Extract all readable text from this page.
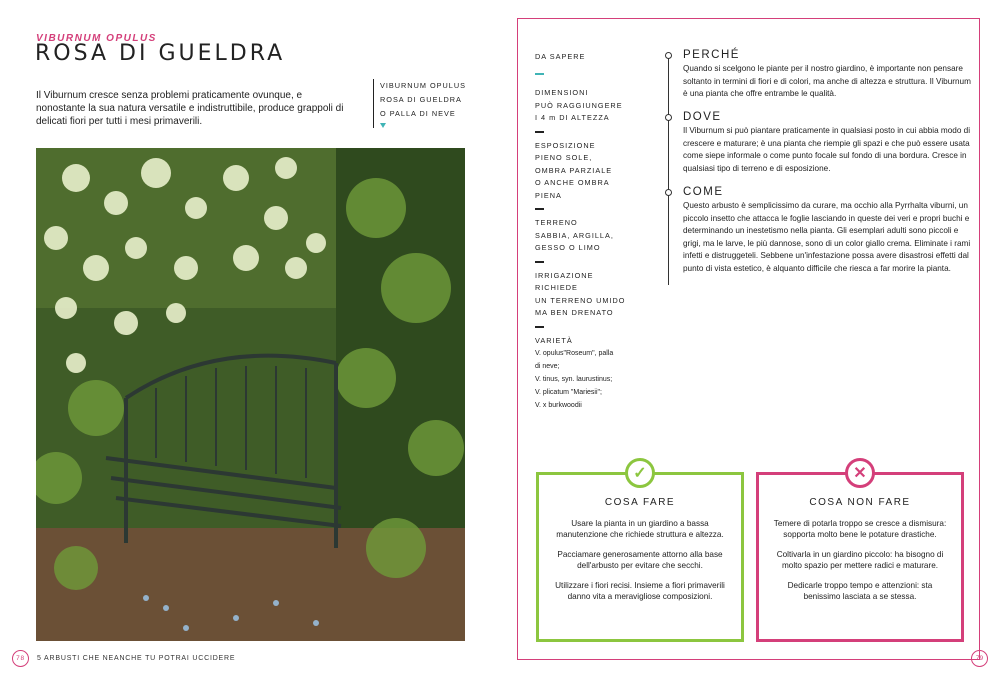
VIBURNUM OPULUS
ROSA DI GUELDRA

Il Viburnum cresce senza problemi praticamente ovunque, e nonostante la sua natura versatile e indistruttibile, produce grappoli di delicati fiori per tutti i mesi primaverili.

VIBURNUM OPULUS
ROSA DI GUELDRA
O PALLA DI NEVE
78	5 ARBUSTI CHE NEANCHE TU POTRAI UCCIDERE	79
DA SAPERE
DIMENSIONI
PUÒ RAGGIUNGERE
I 4 m DI ALTEZZA
ESPOSIZIONE
PIENO SOLE,
OMBRA PARZIALE
O ANCHE OMBRA
PIENA
TERRENO
SABBIA, ARGILLA,
GESSO O LIMO
IRRIGAZIONE
RICHIEDE
UN TERRENO UMIDO
MA BEN DRENATO
VARIETÀ
V. opulus"Roseum", palla
di neve;
V. tinus, syn. laurustinus;
V. plicatum "Mariesii";
V. x burkwoodii
PERCHÉ

Quando si scelgono le piante per il nostro giardino, è importante non pensare soltanto in termini di fiori e di colori, ma anche di altezza e struttura. Il Viburnum è una pianta che offre entrambe le qualità.

DOVE

Il Viburnum si può piantare praticamente in qualsiasi posto in cui abbia modo di crescere e maturare; è una pianta che riempie gli spazi e che può essere usata come siepe informale o come punto focale sul fondo di una bordura. Cresce in qualsiasi tipo di terreno e di esposizione.

COME

Questo arbusto è semplicissimo da curare, ma occhio alla Pyrrhalta viburni, un piccolo insetto che attacca le foglie lasciando in queste dei veri e propri buchi e determinando un inestetismo nella pianta. Gli esemplari adulti sono piccoli e grigi, ma le larve, le più dannose, sono di un color giallo crema. Eliminate i rami infetti e distruggeteli. Sebbene un'infestazione possa avere disastrosi effetti dal punto di vista estetico, è alquanto difficile che riesca a far morire la pianta.

✓
COSA FARE

Usare la pianta in un giardino a bassa manutenzione che richiede struttura e altezza.

Pacciamare generosamente attorno alla base dell'arbusto per evitare che secchi.

Utilizzare i fiori recisi. Insieme a fiori primaverili danno vita a meravigliose composizioni.

✕
COSA NON FARE

Temere di potarla troppo se cresce a dismisura: sopporta molto bene le potature drastiche.

Coltivarla in un giardino piccolo: ha bisogno di molto spazio per mettere radici e maturare.

Dedicarle troppo tempo e attenzioni: sta benissimo lasciata a se stessa.
